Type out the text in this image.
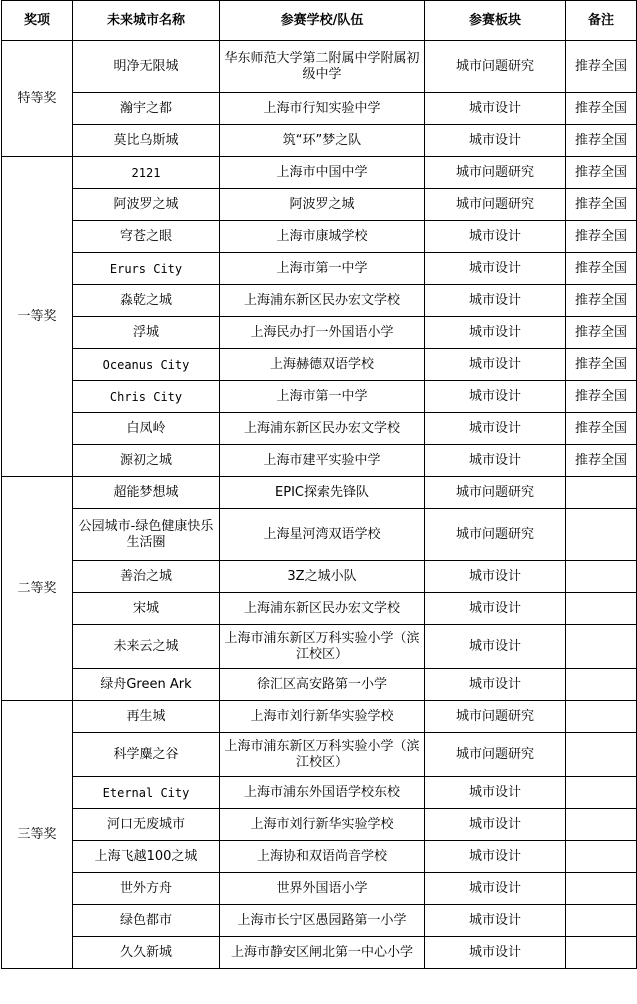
奖项	未来城市名称	参赛学校/队伍	参赛板块	备注
特等奖	明净无限城	华东师范大学第二附属中学附属初级中学	城市问题研究	推荐全国
	瀚宇之都	上海市行知实验中学	城市设计	推荐全国
	莫比乌斯城	筑“环”梦之队	城市设计	推荐全国
一等奖	2121	上海市中国中学	城市问题研究	推荐全国
	阿波罗之城	阿波罗之城	城市问题研究	推荐全国
	穹苍之眼	上海市康城学校	城市设计	推荐全国
	Erurs City	上海市第一中学	城市设计	推荐全国
	淼乾之城	上海浦东新区民办宏文学校	城市设计	推荐全国
	浮城	上海民办打一外国语小学	城市设计	推荐全国
	Oceanus City	上海赫德双语学校	城市设计	推荐全国
	Chris City	上海市第一中学	城市设计	推荐全国
	白凤岭	上海浦东新区民办宏文学校	城市设计	推荐全国
	源初之城	上海市建平实验中学	城市设计	推荐全国
二等奖	超能梦想城	EPIC探索先锋队	城市问题研究	
	公园城市-绿色健康快乐生活圈	上海星河湾双语学校	城市问题研究	
	善治之城	3Z之城小队	城市设计	
	宋城	上海浦东新区民办宏文学校	城市设计	
	未来云之城	上海市浦东新区万科实验小学（滨江校区）	城市设计	
	绿舟Green Ark	徐汇区高安路第一小学	城市设计	
三等奖	再生城	上海市刘行新华实验学校	城市问题研究	
	科学麋之谷	上海市浦东新区万科实验小学（滨江校区）	城市问题研究	
	Eternal City	上海市浦东外国语学校东校	城市设计	
	河口无废城市	上海市刘行新华实验学校	城市设计	
	上海飞越100之城	上海协和双语尚音学校	城市设计	
	世外方舟	世界外国语小学	城市设计	
	绿色都市	上海市长宁区愚园路第一小学	城市设计	
	久久新城	上海市静安区闸北第一中心小学	城市设计	
